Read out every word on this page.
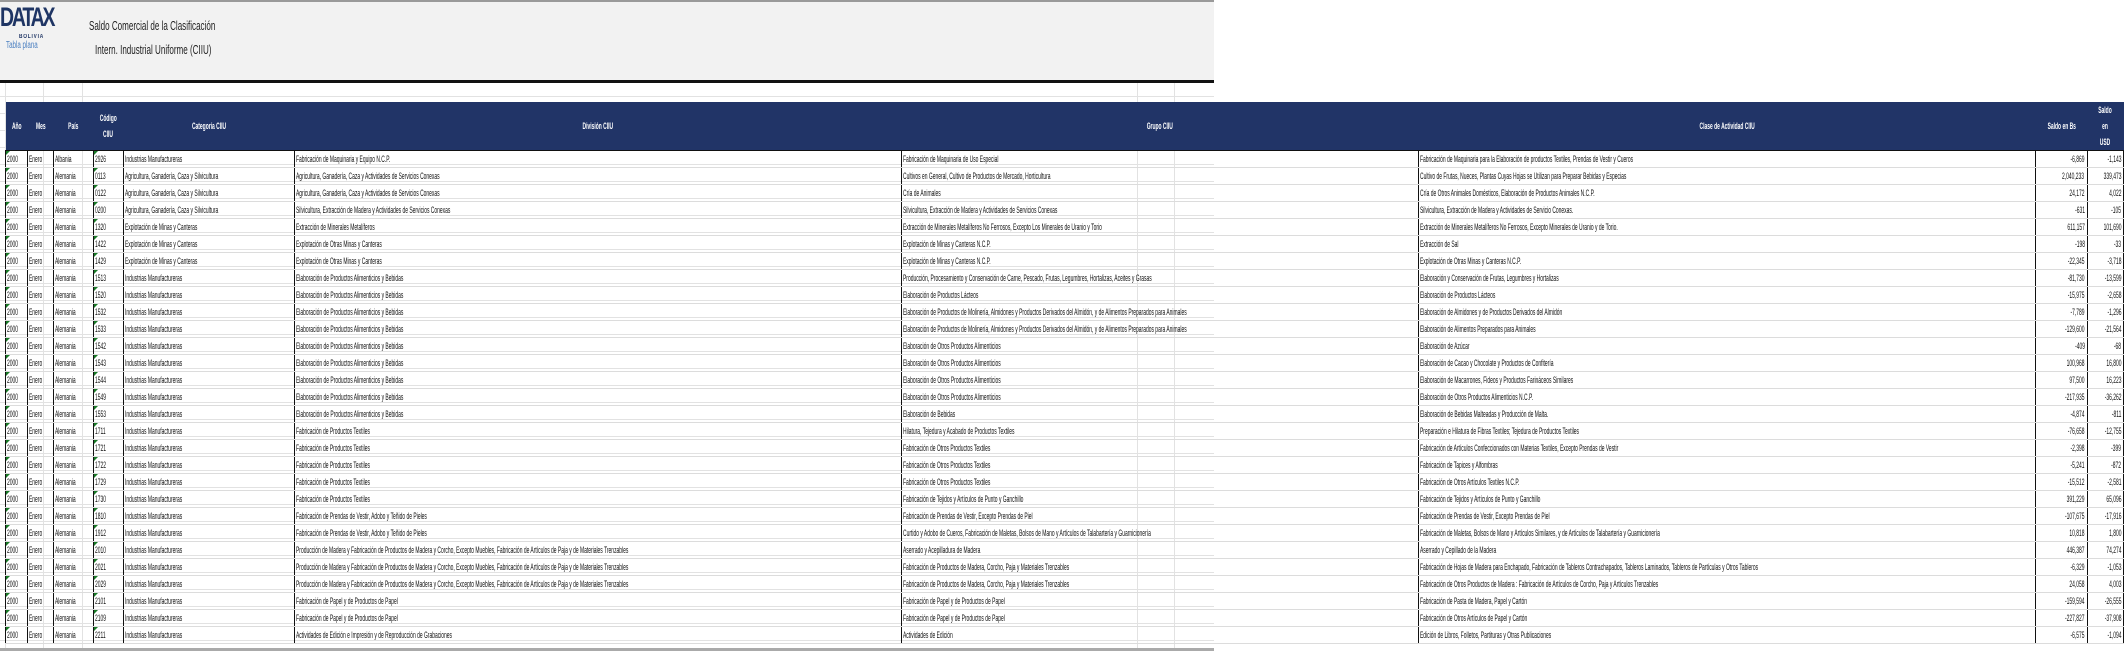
DATAX
BOLIVIA
Tabla plana
Saldo Comercial de la Clasificación
Intern. Industrial Uniforme (CIIU)
Año	Mes	País	Código CIIU	Categoría CIIU	División CIIU	Grupo CIIU	Clase de Actividad CIIU	Saldo en Bs	Saldo en USD
2000	Enero	Albania	2926	Industrias Manufactureras	Fabricación de Maquinaria y Equipo N.C.P.	Fabricación de Maquinaria de Uso Especial	Fabricación de Maquinaria para la Elaboración de productos Textiles, Prendas de Vestir y Cueros	-6,869	-1,143
2000	Enero	Alemania	0113	Agricultura, Ganadería, Caza y Silvicultura	Agricultura, Ganadería, Caza y Actividades de Servicios Conexas	Cultivos en General, Cultivo de Productos de Mercado, Horticultura	Cultivo de Frutas, Nueces, Plantas Cuyas Hojas se Utilizan para Preparar Bebidas y Especias	2,040,233	339,473
2000	Enero	Alemania	0122	Agricultura, Ganadería, Caza y Silvicultura	Agricultura, Ganadería, Caza y Actividades de Servicios Conexas	Cría de Animales	Cría de Otros Animales Domésticos, Elaboración de Productos Animales N.C.P.	24,172	4,022
2000	Enero	Alemania	0200	Agricultura, Ganadería, Caza y Silvicultura	Silvicultura, Extracción de Madera y Actividades de Servicios Conexas	Silvicultura, Extracción de Madera y Actividades de Servicios Conexas	Silvicultura, Extracción de Madera y Actividades de Servicio Conexas.	-631	-105
2000	Enero	Alemania	1320	Explotación de Minas y Canteras	Extracción de Minerales Metalíferos	Extracción de Minerales Metalíferos No Ferrosos, Excepto Los Minerales de Uranio y Torio	Extracción de Minerales Metalíferos No Ferrosos, Excepto Minerales de Uranio y de Torio.	611,157	101,690
2000	Enero	Alemania	1422	Explotación de Minas y Canteras	Explotación de Otras Minas y Canteras	Explotación de Minas y Canteras N.C.P.	Extracción de Sal	-198	-33
2000	Enero	Alemania	1429	Explotación de Minas y Canteras	Explotación de Otras Minas y Canteras	Explotación de Minas y Canteras N.C.P.	Explotación de Otras Minas y Canteras N.C.P.	-22,345	-3,718
2000	Enero	Alemania	1513	Industrias Manufactureras	Elaboración de Productos Alimenticios y Bebidas	Producción, Procesamiento y Conservación de Carne, Pescado, Frutas, Legumbres, Hortalizas, Aceites y Grasas	Elaboración y Conservación de Frutas, Legumbres y Hortalizas	-81,730	-13,599
2000	Enero	Alemania	1520	Industrias Manufactureras	Elaboración de Productos Alimenticios y Bebidas	Elaboración de Productos Lácteos	Elaboración de Productos Lácteos	-15,975	-2,658
2000	Enero	Alemania	1532	Industrias Manufactureras	Elaboración de Productos Alimenticios y Bebidas	Elaboración de Productos de Molinería, Almidones y Productos Derivados del Almidón, y de Alimentos Preparados para Animales	Elaboración de Almidones y de Productos Derivados del Almidón	-7,789	-1,296
2000	Enero	Alemania	1533	Industrias Manufactureras	Elaboración de Productos Alimenticios y Bebidas	Elaboración de Productos de Molinería, Almidones y Productos Derivados del Almidón, y de Alimentos Preparados para Animales	Elaboración de Alimentos Preparados para Animales	-129,600	-21,564
2000	Enero	Alemania	1542	Industrias Manufactureras	Elaboración de Productos Alimenticios y Bebidas	Elaboración de Otros Productos Alimenticios	Elaboración de Azúcar	-409	-68
2000	Enero	Alemania	1543	Industrias Manufactureras	Elaboración de Productos Alimenticios y Bebidas	Elaboración de Otros Productos Alimenticios	Elaboración de Cacao y Chocolate y Productos de Confitería	100,968	16,800
2000	Enero	Alemania	1544	Industrias Manufactureras	Elaboración de Productos Alimenticios y Bebidas	Elaboración de Otros Productos Alimenticios	Elaboración de Macarrones, Fideos y Productos Farináceos Similares	97,500	16,223
2000	Enero	Alemania	1549	Industrias Manufactureras	Elaboración de Productos Alimenticios y Bebidas	Elaboración de Otros Productos Alimenticios	Elaboración de Otros Productos Alimenticios N.C.P.	-217,935	-36,262
2000	Enero	Alemania	1553	Industrias Manufactureras	Elaboración de Productos Alimenticios y Bebidas	Elaboración de Bebidas	Elaboración de Bebidas Malteadas y Producción de Malta.	-4,874	-811
2000	Enero	Alemania	1711	Industrias Manufactureras	Fabricación de Productos Textiles	Hilatura, Tejedura y Acabado de Productos Textiles	Preparación e Hilatura de Fibras Textiles; Tejedura de Productos Textiles	-76,658	-12,755
2000	Enero	Alemania	1721	Industrias Manufactureras	Fabricación de Productos Textiles	Fabricación de Otros Productos Textiles	Fabricación de Artículos Confeccionados con Materias Textiles, Excepto Prendas de Vestir	-2,398	-399
2000	Enero	Alemania	1722	Industrias Manufactureras	Fabricación de Productos Textiles	Fabricación de Otros Productos Textiles	Fabricación de Tapices y Alfombras	-5,241	-872
2000	Enero	Alemania	1729	Industrias Manufactureras	Fabricación de Productos Textiles	Fabricación de Otros Productos Textiles	Fabricación de Otros Artículos Textiles N.C.P.	-15,512	-2,581
2000	Enero	Alemania	1730	Industrias Manufactureras	Fabricación de Productos Textiles	Fabricación de Tejidos y Artículos de Punto y Ganchillo	Fabricación de Tejidos y Artículos de Punto y Ganchillo	391,229	65,096
2000	Enero	Alemania	1810	Industrias Manufactureras	Fabricación de Prendas de Vestir, Adobo y Teñido de Pieles	Fabricación de Prendas de Vestir, Excepto Prendas de Piel	Fabricación de Prendas de Vestir, Excepto Prendas de Piel	-107,675	-17,916
2000	Enero	Alemania	1912	Industrias Manufactureras	Fabricación de Prendas de Vestir, Adobo y Teñido de Pieles	Curtido y Adobo de Cueros, Fabricación de Maletas, Bolsos de Mano y Artículos de Talabartería y Guarnicionería	Fabricación de Maletas, Bolsos de Mano y Artículos Similares, y de Artículos de Talabartería y Guarnicionería	10,818	1,800
2000	Enero	Alemania	2010	Industrias Manufactureras	Producción de Madera y Fabricación de Productos de Madera y Corcho, Excepto Muebles, Fabricación de Artículos de Paja y de Materiales Trenzables	Aserrado y Acepilladura de Madera	Aserrado y Cepillado de la Madera	446,387	74,274
2000	Enero	Alemania	2021	Industrias Manufactureras	Producción de Madera y Fabricación de Productos de Madera y Corcho, Excepto Muebles, Fabricación de Artículos de Paja y de Materiales Trenzables	Fabricación de Productos de Madera, Corcho, Paja y Materiales Trenzables	Fabricación de Hojas de Madera para Enchapado, Fabricación de Tableros Contrachapados, Tableros Laminados, Tableros de Partículas y Otros Tableros	-6,329	-1,053
2000	Enero	Alemania	2029	Industrias Manufactureras	Producción de Madera y Fabricación de Productos de Madera y Corcho, Excepto Muebles, Fabricación de Artículos de Paja y de Materiales Trenzables	Fabricación de Productos de Madera, Corcho, Paja y Materiales Trenzables	Fabricación de Otros Productos de Madera : Fabricación de Artículos de Corcho, Paja y Artículos Trenzables	24,058	4,003
2000	Enero	Alemania	2101	Industrias Manufactureras	Fabricación de Papel y de Productos de Papel	Fabricación de Papel y de Productos de Papel	Fabricación de Pasta de Madera, Papel y Cartón	-159,594	-26,555
2000	Enero	Alemania	2109	Industrias Manufactureras	Fabricación de Papel y de Productos de Papel	Fabricación de Papel y de Productos de Papel	Fabricación de Otros Artículos de Papel y Cartón	-227,827	-37,908
2000	Enero	Alemania	2211	Industrias Manufactureras	Actividades de Edición e Impresión y de Reproducción de Grabaciones	Actividades de Edición	Edición de Libros, Folletos, Partituras y Otras Publicaciones	-6,575	-1,094
